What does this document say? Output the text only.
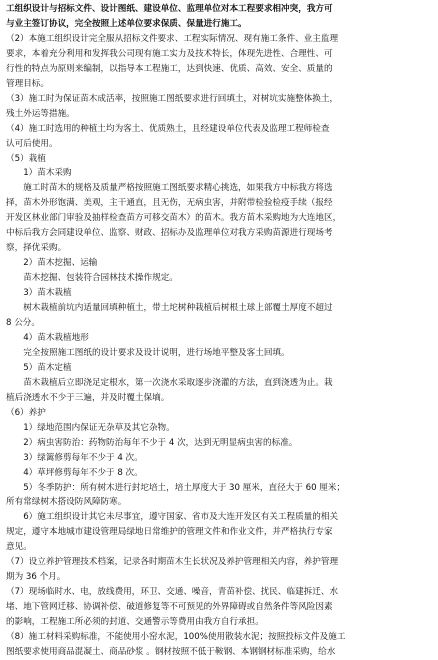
工组织设计与招标文件、设计图纸、建设单位、监理单位对本工程要求相冲突，我方可
与业主签订协议，完全按照上述单位要求保质、保量进行施工。
（2）本施工组织设计完全服从招标文件要求、工程实际情况、现有施工条件、业主监理
要求，本着充分利用和发挥我公司现有施工实力及技术特长，体现先进性、合理性、可
行性的特点为原则来编制，以指导本工程施工，达到快速、优质、高效、安全、质量的
管理目标。
（3）施工时为保证苗木成活率，按照施工图纸要求进行回填土，对树坑实施整体换土，
残土外运等措施。
（4）施工时选用的种植土均为客土、优质熟土，且经建设单位代表及监理工程师检查
认可后使用。
（5）栽植
　　1）苗木采购
　　施工时苗木的规格及质量严格按照施工图纸要求精心挑选，如果我方中标我方将选
择，苗木外形饱满、美观，主干通直，且无伤，无病虫害，并附带检验检疫手续（报经
开发区林业部门审验及抽样检查苗方可移交苗木）的苗木。我方苗木采购地为大连地区，
中标后我方会同建设单位、监察、财政、招标办及监理单位对我方采购苗源进行现场考
察，择优采购。
　　2）苗木挖掘、运输
　　苗木挖掘、包装符合园林技术操作规定。
　　3）苗木栽植
　　树木栽植前坑内适量回填种植土，带土坨树种栽植后树根土球上部覆土厚度不超过
8 公分。
　　4）苗木栽植地形
　　完全按照施工图纸的设计要求及设计说明，进行场地平整及客土回填。
　　5）苗木定植
　　苗木栽植后立即浇足定根水，第一次浇水采取逐步浇灌的方法，直到浇透为止。栽
植后浇透水不少于三遍，并及时覆土保墒。
（6）养护
　　1）绿地范围内保证无杂草及其它杂物。
　　2）病虫害防治：药物防治每年不少于 4 次，达到无明显病虫害的标准。
　　3）绿篱修剪每年不少于 4 次。
　　4）草坪修剪每年不少于 8 次。
　　5）冬季防护：所有树木进行封坨培土，培土厚度大于 30 厘米，直径大于 60 厘米；
所有常绿树木搭设防风障防寒。
　　6）施工组织设计其它未尽事宜，遵守国家、省市及大连开发区有关工程质量的相关
规定，遵守本地城市建设管理局绿地日常维护的管理文件和作业文件，并严格执行专家
意见。
（7）设立养护管理技术档案，记录各时期苗木生长状况及养护管理相关内容，养护管理
期为 36 个月。
（7）现场临时水、电，放线费用，环卫、交通、噪音，青苗补偿、扰民、临建拆迁、水
堵、地下管网迁移、协调补偿、破道修复等不可预见的外界障碍或自然条件等风险因素
的影响，工程施工所必须的封道、交通警示等费用由我方自行承担。
（8）施工材料采购标准，不能使用小窑水泥，100%使用散装水泥；按照投标文件及施工
图纸要求使用商品混凝土、商品砂浆 。钢材按照不低于鞍钢、本钢钢材标准采购，给水
